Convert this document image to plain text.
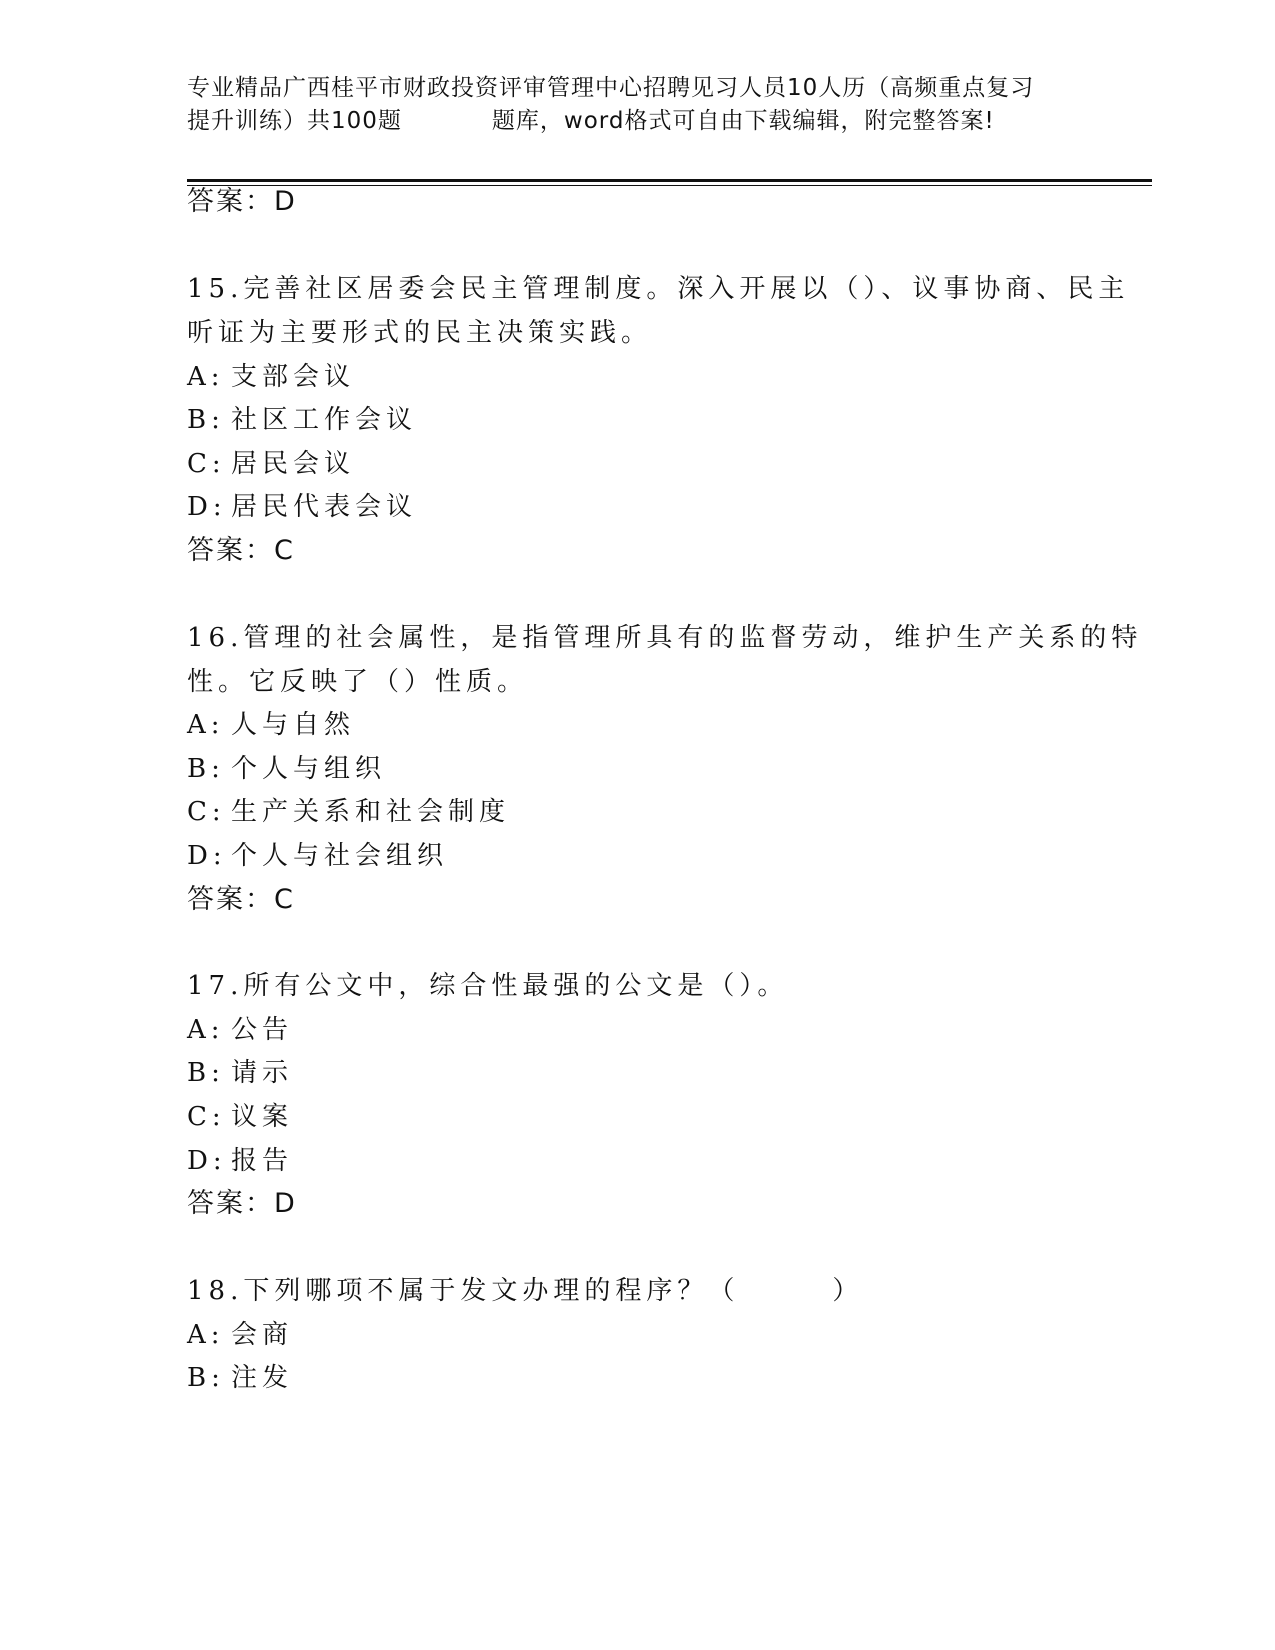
专业精品广西桂平市财政投资评审管理中心招聘见习人员10人历（高频重点复习
提升训练）共100题	题库，word格式可自由下载编辑，附完整答案!
答案：D
15.完善社区居委会民主管理制度。深入开展以（）、议事协商、民主
听证为主要形式的民主决策实践。
A: 支部会议
B: 社区工作会议
C: 居民会议
D: 居民代表会议
答案：C
16.管理的社会属性，是指管理所具有的监督劳动，维护生产关系的特
性。它反映了（）性质。
A: 人与自然
B: 个人与组织
C: 生产关系和社会制度
D: 个人与社会组织
答案：C
17.所有公文中，综合性最强的公文是（）。
A: 公告
B: 请示
C: 议案
D: 报告
答案：D
18.下列哪项不属于发文办理的程序？（　　　）
A: 会商
B: 注发
